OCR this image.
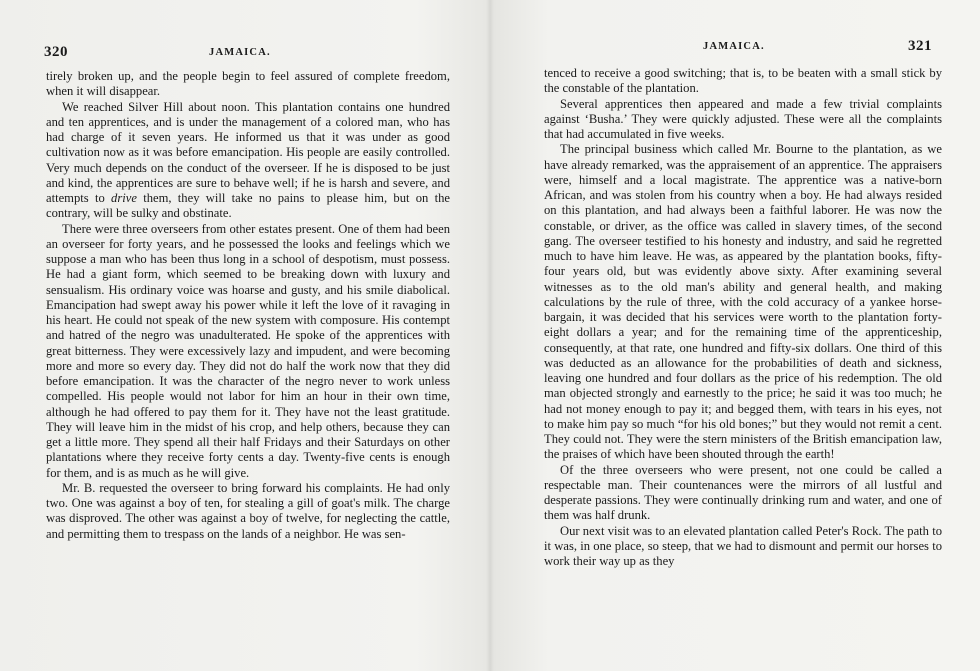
320	JAMAICA.

tirely broken up, and the people begin to feel assured of complete freedom, when it will disappear.

We reached Silver Hill about noon. This plantation contains one hundred and ten apprentices, and is under the management of a colored man, who has had charge of it seven years. He informed us that it was under as good cultivation now as it was before emancipation. His people are easily controlled. Very much depends on the conduct of the overseer. If he is disposed to be just and kind, the apprentices are sure to behave well; if he is harsh and severe, and attempts to drive them, they will take no pains to please him, but on the contrary, will be sulky and obstinate.

There were three overseers from other estates present. One of them had been an overseer for forty years, and he possessed the looks and feelings which we suppose a man who has been thus long in a school of despotism, must possess. He had a giant form, which seemed to be breaking down with luxury and sensualism. His ordinary voice was hoarse and gusty, and his smile diabolical. Emancipation had swept away his power while it left the love of it ravaging in his heart. He could not speak of the new system with composure. His contempt and hatred of the negro was unadulterated. He spoke of the apprentices with great bitterness. They were excessively lazy and impudent, and were becoming more and more so every day. They did not do half the work now that they did before emancipation. It was the character of the negro never to work unless compelled. His people would not labor for him an hour in their own time, although he had offered to pay them for it. They have not the least gratitude. They will leave him in the midst of his crop, and help others, because they can get a little more. They spend all their half Fridays and their Saturdays on other plantations where they receive forty cents a day. Twenty-five cents is enough for them, and is as much as he will give.

Mr. B. requested the overseer to bring forward his complaints. He had only two. One was against a boy of ten, for stealing a gill of goat's milk. The charge was disproved. The other was against a boy of twelve, for neglecting the cattle, and permitting them to trespass on the lands of a neighbor. He was sen-

JAMAICA.	321

tenced to receive a good switching; that is, to be beaten with a small stick by the constable of the plantation.

Several apprentices then appeared and made a few trivial complaints against ‘Busha.’ They were quickly adjusted. These were all the complaints that had accumulated in five weeks.

The principal business which called Mr. Bourne to the plantation, as we have already remarked, was the appraisement of an apprentice. The appraisers were, himself and a local magistrate. The apprentice was a native-born African, and was stolen from his country when a boy. He had always resided on this plantation, and had always been a faithful laborer. He was now the constable, or driver, as the office was called in slavery times, of the second gang. The overseer testified to his honesty and industry, and said he regretted much to have him leave. He was, as appeared by the plantation books, fifty-four years old, but was evidently above sixty. After examining several witnesses as to the old man's ability and general health, and making calculations by the rule of three, with the cold accuracy of a yankee horse-bargain, it was decided that his services were worth to the plantation forty-eight dollars a year; and for the remaining time of the apprenticeship, consequently, at that rate, one hundred and fifty-six dollars. One third of this was deducted as an allowance for the probabilities of death and sickness, leaving one hundred and four dollars as the price of his redemption. The old man objected strongly and earnestly to the price; he said it was too much; he had not money enough to pay it; and begged them, with tears in his eyes, not to make him pay so much “for his old bones;” but they would not remit a cent. They could not. They were the stern ministers of the British emancipation law, the praises of which have been shouted through the earth!

Of the three overseers who were present, not one could be called a respectable man. Their countenances were the mirrors of all lustful and desperate passions. They were continually drinking rum and water, and one of them was half drunk.

Our next visit was to an elevated plantation called Peter's Rock. The path to it was, in one place, so steep, that we had to dismount and permit our horses to work their way up as they
